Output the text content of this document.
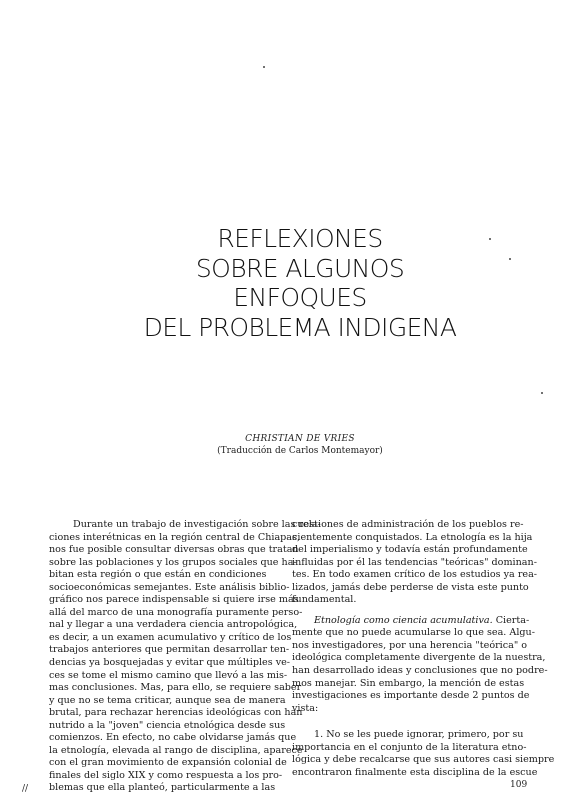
REFLEXIONES
SOBRE ALGUNOS
ENFOQUES
DEL PROBLEMA INDIGENA
CHRISTIAN DE VRIES
(Traducción de Carlos Montemayor)
Durante un trabajo de investigación sobre las rela-
ciones interétnicas en la región central de Chiapas,
nos fue posible consultar diversas obras que tratan
sobre las poblaciones y los grupos sociales que ha-
bitan esta región o que están en condiciones
socioeconómicas semejantes. Este análisis biblio-
gráfico nos parece indispensable si quiere irse más
allá del marco de una monografía puramente perso-
nal y llegar a una verdadera ciencia antropológica,
es decir, a un examen acumulativo y crítico de los
trabajos anteriores que permitan desarrollar ten-
dencias ya bosquejadas y evitar que múltiples ve-
ces se tome el mismo camino que llevó a las mis-
mas conclusiones. Mas, para ello, se requiere saber
y que no se tema criticar, aunque sea de manera
brutal, para rechazar herencias ideológicas con han
nutrido a la "joven" ciencia etnológica desde sus
comienzos. En efecto, no cabe olvidarse jamás que
la etnología, elevada al rango de disciplina, aparece
con el gran movimiento de expansión colonial de
finales del siglo XIX y como respuesta a los pro-
blemas que ella planteó, particularmente a las
cuestiones de administración de los pueblos re-
cientemente conquistados. La etnología es la hija
del imperialismo y todavía están profundamente
influidas por él las tendencias "teóricas" dominan-
tes. En todo examen crítico de los estudios ya rea-
lizados, jamás debe perderse de vista este punto
fundamental.
Etnología como ciencia acumulativa. Cierta-
mente que no puede acumularse lo que sea. Algu-
nos investigadores, por una herencia "teórica" o
ideológica completamente divergente de la nuestra,
han desarrollado ideas y conclusiones que no podre-
mos manejar. Sin embargo, la mención de estas
investigaciones es importante desde 2 puntos de
vista:
1. No se les puede ignorar, primero, por su
importancia en el conjunto de la literatura etno-
lógica y debe recalcarse que sus autores casi siempre
encontraron finalmente esta disciplina de la escue
//	109
